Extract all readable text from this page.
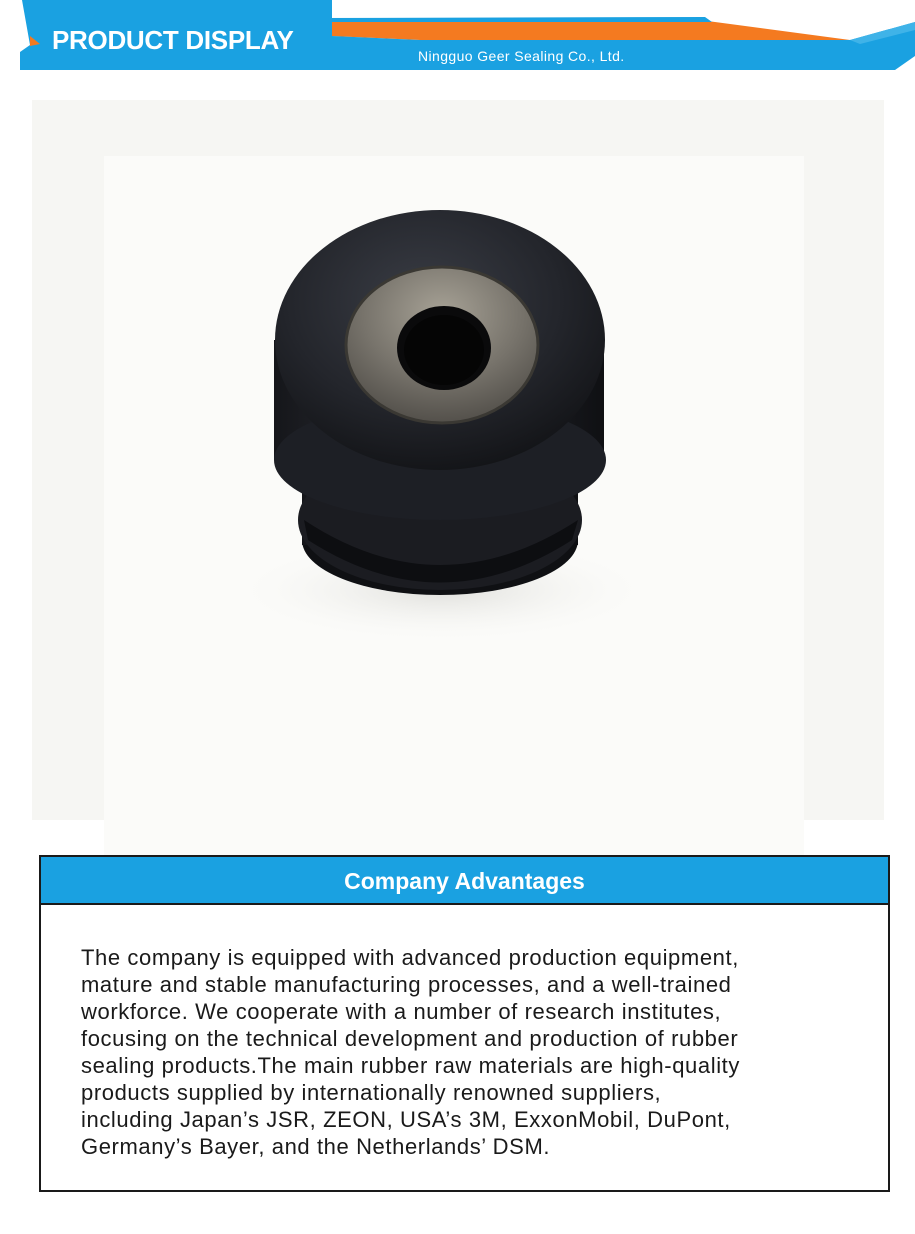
PRODUCT DISPLAY
Ningguo Geer Sealing Co., Ltd.
Company Advantages
The company is equipped with advanced production equipment,
mature and stable manufacturing processes, and a well-trained
workforce. We cooperate with a number of research institutes,
focusing on the technical development and production of rubber
sealing products.The main rubber raw materials are high-quality
products supplied by internationally renowned suppliers,
including Japan’s JSR, ZEON, USA’s 3M, ExxonMobil, DuPont,
Germany’s Bayer, and the Netherlands’ DSM.
